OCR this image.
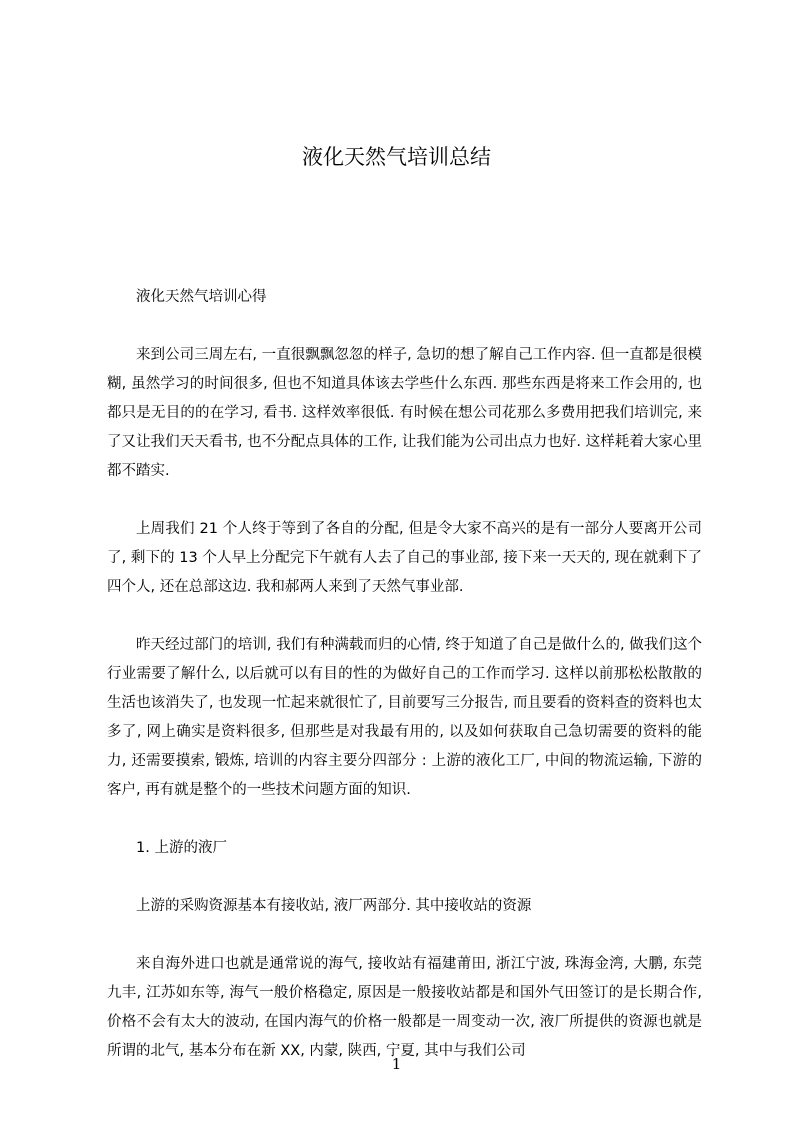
液化天然气培训总结

液化天然气培训心得

来到公司三周左右, 一直很飘飘忽忽的样子, 急切的想了解自己工作内容. 但一直都是很模糊, 虽然学习的时间很多, 但也不知道具体该去学些什么东西. 那些东西是将来工作会用的, 也都只是无目的的在学习, 看书. 这样效率很低. 有时候在想公司花那么多费用把我们培训完, 来了又让我们天天看书, 也不分配点具体的工作, 让我们能为公司出点力也好. 这样耗着大家心里都不踏实.

上周我们 21 个人终于等到了各自的分配, 但是令大家不高兴的是有一部分人要离开公司了, 剩下的 13 个人早上分配完下午就有人去了自己的事业部, 接下来一天天的, 现在就剩下了四个人, 还在总部这边. 我和郝两人来到了天然气事业部.

昨天经过部门的培训, 我们有种满载而归的心情, 终于知道了自己是做什么的, 做我们这个行业需要了解什么, 以后就可以有目的性的为做好自己的工作而学习. 这样以前那松松散散的生活也该消失了, 也发现一忙起来就很忙了, 目前要写三分报告, 而且要看的资料查的资料也太多了, 网上确实是资料很多, 但那些是对我最有用的, 以及如何获取自己急切需要的资料的能力, 还需要摸索, 锻炼, 培训的内容主要分四部分 : 上游的液化工厂, 中间的物流运输, 下游的客户, 再有就是整个的一些技术问题方面的知识.

1. 上游的液厂

上游的采购资源基本有接收站, 液厂两部分. 其中接收站的资源

来自海外进口也就是通常说的海气, 接收站有福建莆田, 浙江宁波, 珠海金湾, 大鹏, 东莞九丰, 江苏如东等, 海气一般价格稳定, 原因是一般接收站都是和国外气田签订的是长期合作, 价格不会有太大的波动, 在国内海气的价格一般都是一周变动一次, 液厂所提供的资源也就是所谓的北气, 基本分布在新 XX, 内蒙, 陕西, 宁夏, 其中与我们公司

1
